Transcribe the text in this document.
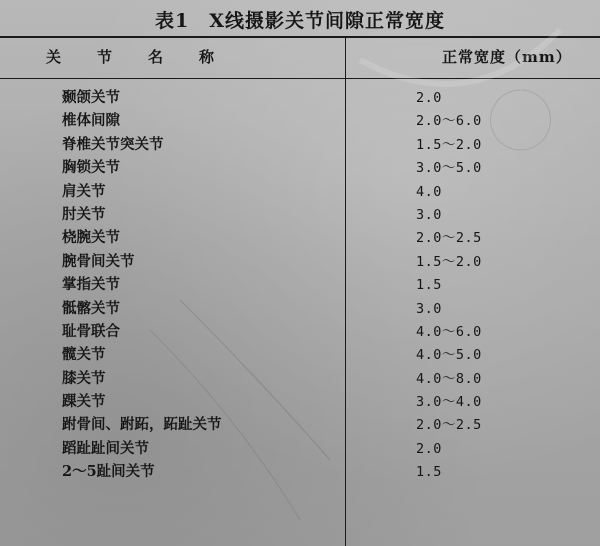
表1　X线摄影关节间隙正常宽度
关节名称	正常宽度（mm）
颞颌关节	2.0
椎体间隙	2.0～6.0
脊椎关节突关节	1.5～2.0
胸锁关节	3.0～5.0
肩关节	4.0
肘关节	3.0
桡腕关节	2.0～2.5
腕骨间关节	1.5～2.0
掌指关节	1.5
骶髂关节	3.0
耻骨联合	4.0～6.0
髋关节	4.0～5.0
膝关节	4.0～8.0
踝关节	3.0～4.0
跗骨间、跗跖，跖趾关节	2.0～2.5
蹈趾趾间关节	2.0
2～5趾间关节	1.5
